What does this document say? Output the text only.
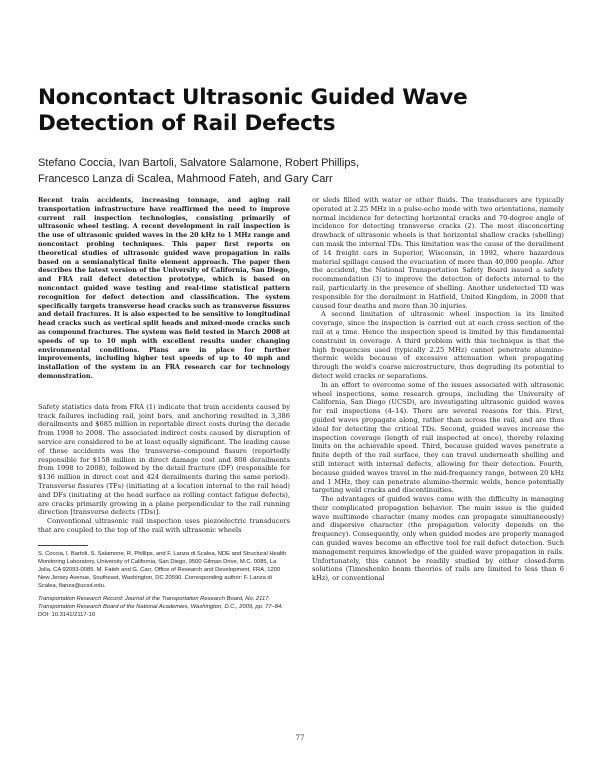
Noncontact Ultrasonic Guided Wave
Detection of Rail Defects
Stefano Coccia, Ivan Bartoli, Salvatore Salamone, Robert Phillips,
Francesco Lanza di Scalea, Mahmood Fateh, and Gary Carr

Recent train accidents, increasing tonnage, and aging rail transportation infrastructure have reaffirmed the need to improve current rail inspection technologies, consisting primarily of ultrasonic wheel testing. A recent development in rail inspection is the use of ultrasonic guided waves in the 20 kHz to 1 MHz range and noncontact probing techniques. This paper first reports on theoretical studies of ultrasonic guided wave propagation in rails based on a semianalytical finite element approach. The paper then describes the latest version of the University of California, San Diego, and FRA rail defect detection prototype, which is based on noncontact guided wave testing and real-time statistical pattern recognition for defect detection and classification. The system specifically targets transverse head cracks such as transverse fissures and detail fractures. It is also expected to be sensitive to longitudinal head cracks such as vertical split heads and mixed-mode cracks such as compound fractures. The system was field tested in March 2008 at speeds of up to 10 mph with excellent results under changing environmental conditions. Plans are in place for further improvements, including higher test speeds of up to 40 mph and installation of the system in an FRA research car for technology demonstration.

Safety statistics data from FRA (1) indicate that train accidents caused by track failures including rail, joint bars, and anchoring resulted in 3,386 derailments and $685 million in reportable direct costs during the decade from 1998 to 2008. The associated indirect costs caused by disruption of service are considered to be at least equally significant. The leading cause of these accidents was the transverse–compound fissure (reportedly responsible for $158 million in direct damage cost and 808 derailments from 1998 to 2008), followed by the detail fracture (DF) (responsible for $136 million in direct cost and 424 derailments during the same period). Transverse fissures (TFs) (initiating at a location internal to the rail head) and DFs (initiating at the head surface as rolling contact fatigue defects), are cracks primarily growing in a plane perpendicular to the rail running direction [transverse defects (TDs)].

Conventional ultrasonic rail inspection uses piezoelectric transducers that are coupled to the top of the rail with ultrasonic wheels

S. Coccia, I. Bartoli, S. Salamone, R. Phillips, and F. Lanza di Scalea, NDE and Structural Health Monitoring Laboratory, University of California, San Diego, 9500 Gilman Drive, M.C. 0085, La Jolla, CA 92093-0085. M. Fateh and G. Carr, Office of Research and Development, FRA, 1200 New Jersey Avenue, Southeast, Washington, DC 20590. Corresponding author: F. Lanza di Scalea, flanza@ucsd.edu.

Transportation Research Record: Journal of the Transportation Research Board, No. 2117, Transportation Research Board of the National Academies, Washington, D.C., 2009, pp. 77–84.

DOI: 10.3141/2117-10

or sleds filled with water or other fluids. The transducers are typically operated at 2.25 MHz in a pulse-echo mode with two orientations, namely normal incidence for detecting horizontal cracks and 70-degree angle of incidence for detecting transverse cracks (2). The most disconcerting drawback of ultrasonic wheels is that horizontal shallow cracks (shelling) can mask the internal TDs. This limitation was the cause of the derailment of 14 freight cars in Superior, Wisconsin, in 1992, where hazardous material spillage caused the evacuation of more than 40,000 people. After the accident, the National Transportation Safety Board issued a safety recommendation (3) to improve the detection of defects internal to the rail, particularly in the presence of shelling. Another undetected TD was responsible for the derailment in Hatfield, United Kingdom, in 2000 that caused four deaths and more than 30 injuries.

A second limitation of ultrasonic wheel inspection is its limited coverage, since the inspection is carried out at each cross section of the rail at a time. Hence the inspection speed is limited by this fundamental constraint in coverage. A third problem with this technique is that the high frequencies used (typically 2.25 MHz) cannot penetrate alumino-thermic welds because of excessive attenuation when propagating through the weld's coarse microstructure, thus degrading its potential to detect weld cracks or separations.

In an effort to overcome some of the issues associated with ultrasonic wheel inspections, some research groups, including the University of California, San Diego (UCSD), are investigating ultrasonic guided waves for rail inspections (4–14). There are several reasons for this. First, guided waves propagate along, rather than across the rail, and are thus ideal for detecting the critical TDs. Second, guided waves increase the inspection coverage (length of rail inspected at once), thereby relaxing limits on the achievable speed. Third, because guided waves penetrate a finite depth of the rail surface, they can travel underneath shelling and still interact with internal defects, allowing for their detection. Fourth, because guided waves travel in the mid-frequency range, between 20 kHz and 1 MHz, they can penetrate alumino-thermic welds, hence potentially targeting weld cracks and discontinuities.

The advantages of guided waves come with the difficulty in managing their complicated propagation behavior. The main issue is the guided wave multimode character (many modes can propagate simultaneously) and dispersive character (the propagation velocity depends on the frequency). Consequently, only when guided modes are properly managed can guided waves become an effective tool for rail defect detection. Such management requires knowledge of the guided wave propagation in rails. Unfortunately, this cannot be readily studied by either closed-form solutions (Timoshenko beam theories of rails are limited to less than 6 kHz), or conventional

77
